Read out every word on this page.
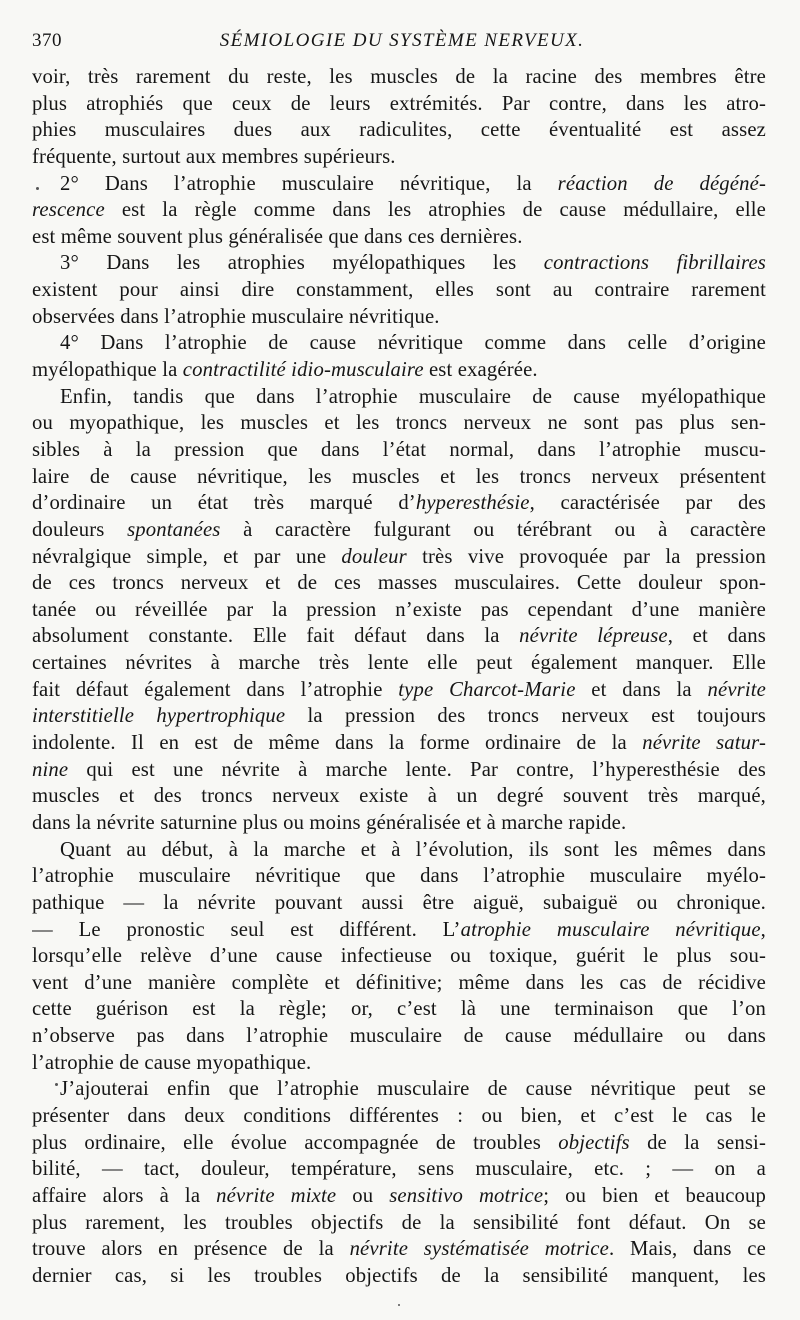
370	SÉMIOLOGIE DU SYSTÈME NERVEUX.
voir, très rarement du reste, les muscles de la racine des membres être
plus atrophiés que ceux de leurs extrémités. Par contre, dans les atro-
phies musculaires dues aux radiculites, cette éventualité est assez
fréquente, surtout aux membres supérieurs.
2° Dans l’atrophie musculaire névritique, la réaction de dégéné-
rescence est la règle comme dans les atrophies de cause médullaire, elle
est même souvent plus généralisée que dans ces dernières.
3° Dans les atrophies myélopathiques les contractions fibrillaires
existent pour ainsi dire constamment, elles sont au contraire rarement
observées dans l’atrophie musculaire névritique.
4° Dans l’atrophie de cause névritique comme dans celle d’origine
myélopathique la contractilité idio-musculaire est exagérée.
Enfin, tandis que dans l’atrophie musculaire de cause myélopathique
ou myopathique, les muscles et les troncs nerveux ne sont pas plus sen-
sibles à la pression que dans l’état normal, dans l’atrophie muscu-
laire de cause névritique, les muscles et les troncs nerveux présentent
d’ordinaire un état très marqué d’hyperesthésie, caractérisée par des
douleurs spontanées à caractère fulgurant ou térébrant ou à caractère
névralgique simple, et par une douleur très vive provoquée par la pression
de ces troncs nerveux et de ces masses musculaires. Cette douleur spon-
tanée ou réveillée par la pression n’existe pas cependant d’une manière
absolument constante. Elle fait défaut dans la névrite lépreuse, et dans
certaines névrites à marche très lente elle peut également manquer. Elle
fait défaut également dans l’atrophie type Charcot-Marie et dans la névrite
interstitielle hypertrophique la pression des troncs nerveux est toujours
indolente. Il en est de même dans la forme ordinaire de la névrite satur-
nine qui est une névrite à marche lente. Par contre, l’hyperesthésie des
muscles et des troncs nerveux existe à un degré souvent très marqué,
dans la névrite saturnine plus ou moins généralisée et à marche rapide.
Quant au début, à la marche et à l’évolution, ils sont les mêmes dans
l’atrophie musculaire névritique que dans l’atrophie musculaire myélo-
pathique — la névrite pouvant aussi être aiguë, subaiguë ou chronique.
— Le pronostic seul est différent. L’atrophie musculaire névritique,
lorsqu’elle relève d’une cause infectieuse ou toxique, guérit le plus sou-
vent d’une manière complète et définitive; même dans les cas de récidive
cette guérison est la règle; or, c’est là une terminaison que l’on
n’observe pas dans l’atrophie musculaire de cause médullaire ou dans
l’atrophie de cause myopathique.
J’ajouterai enfin que l’atrophie musculaire de cause névritique peut se
présenter dans deux conditions différentes : ou bien, et c’est le cas le
plus ordinaire, elle évolue accompagnée de troubles objectifs de la sensi-
bilité, — tact, douleur, température, sens musculaire, etc. ; — on a
affaire alors à la névrite mixte ou sensitivo motrice; ou bien et beaucoup
plus rarement, les troubles objectifs de la sensibilité font défaut. On se
trouve alors en présence de la névrite systématisée motrice. Mais, dans ce
dernier cas, si les troubles objectifs de la sensibilité manquent, les
